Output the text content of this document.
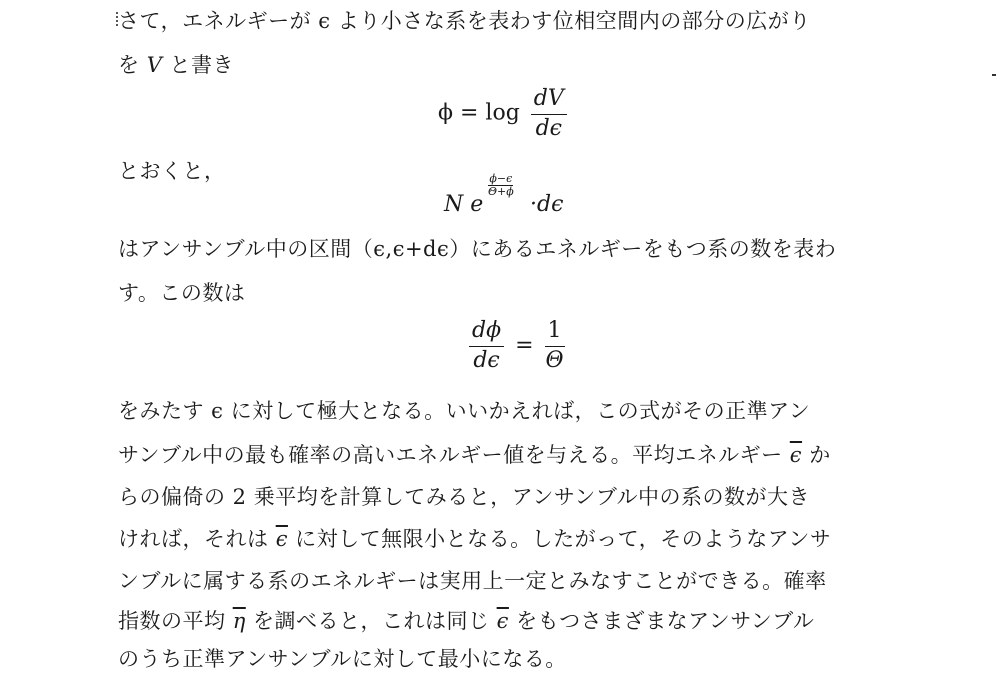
さて，エネルギーが ϵ より小さな系を表わす位相空間内の部分の広がり
を V と書き
$\phi = \log \frac{dV}{d\epsilon}$
とおくと，
N e
$\frac{\phi-\epsilon}{\Theta+\phi}$
·dϵ
はアンサンブル中の区間（ϵ,ϵ+dϵ）にあるエネルギーをもつ系の数を表わ
す。この数は
$\frac{d\phi}{d\epsilon} = \frac{1}{\Theta}$
をみたす ϵ に対して極大となる。いいかえれば，この式がその正準アン
サンブル中の最も確率の高いエネルギー値を与える。平均エネルギー $\overline{\epsilon}$ か
らの偏倚の 2 乗平均を計算してみると，アンサンブル中の系の数が大き
ければ，それは $\overline{\epsilon}$ に対して無限小となる。したがって，そのようなアンサ
ンブルに属する系のエネルギーは実用上一定とみなすことができる。確率
指数の平均 $\overline{\eta}$ を調べると，これは同じ $\overline{\epsilon}$ をもつさまざまなアンサンブル
のうち正準アンサンブルに対して最小になる。
